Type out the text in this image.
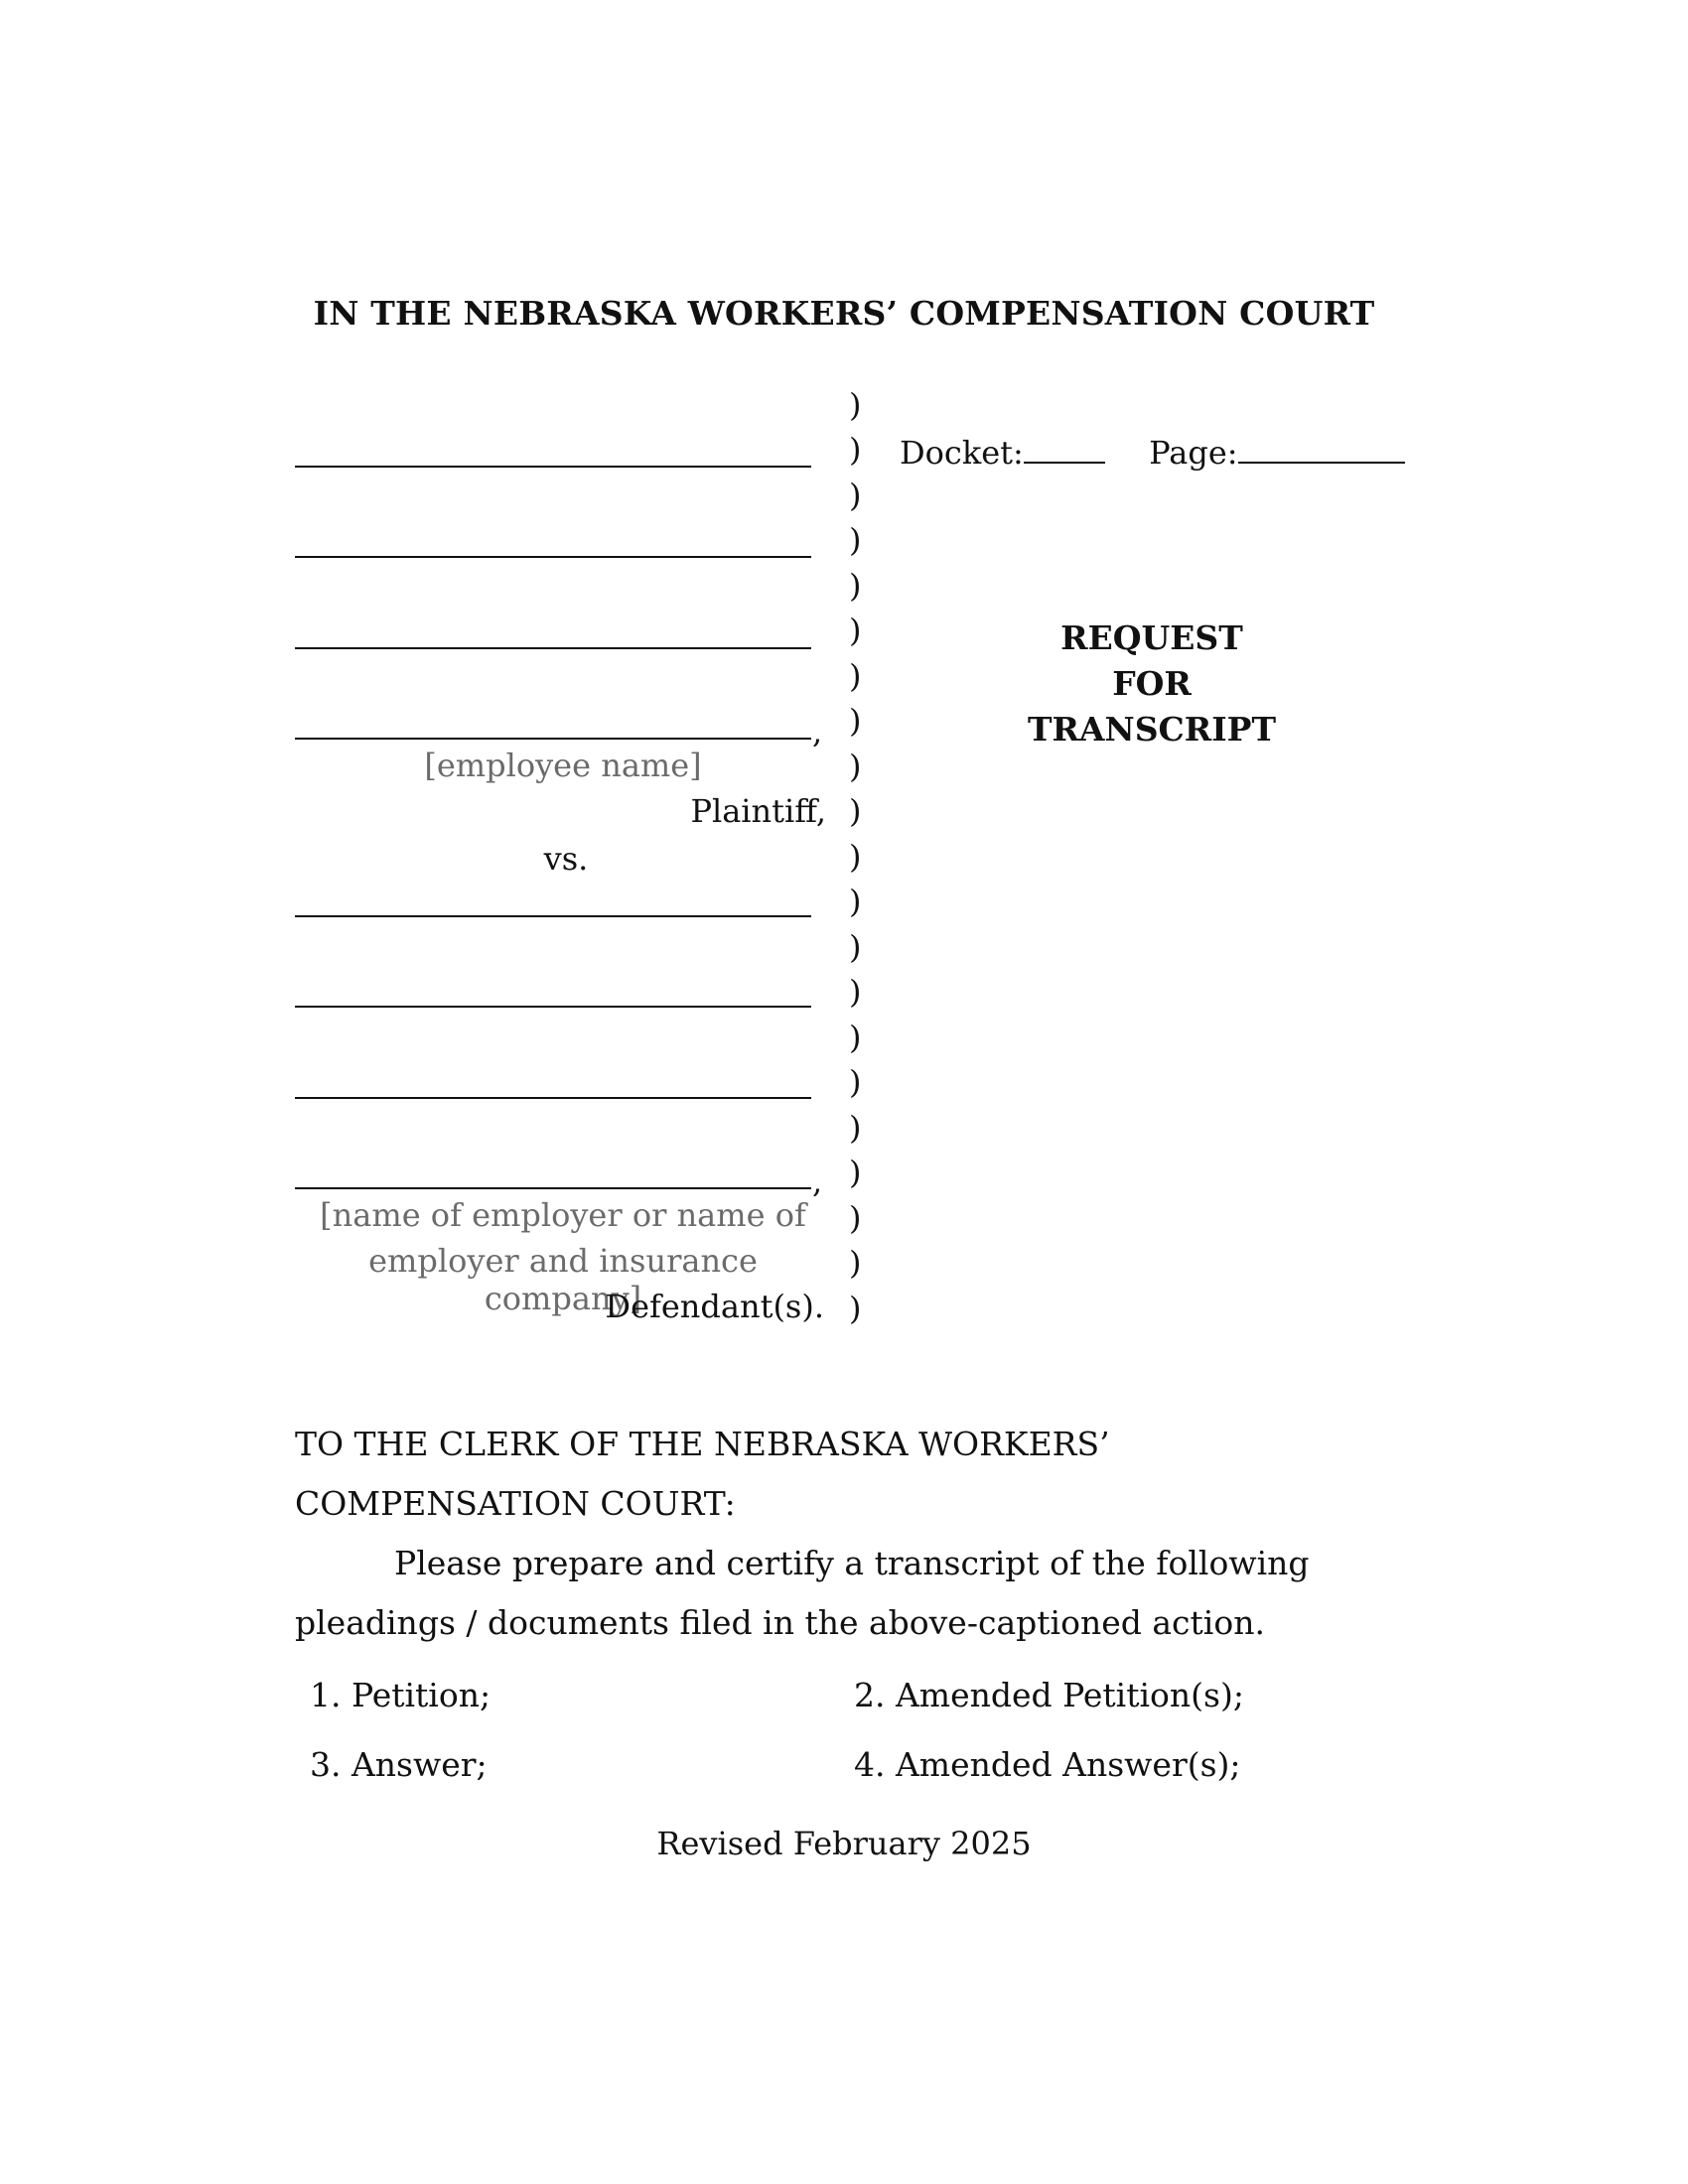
IN THE NEBRASKA WORKERS’ COMPENSATION COURT
,
[employee name]
Plaintiff,
vs.
,
[name of employer or name of
employer and insurance company]
Defendant(s).
)
)
)
)
)
)
)
)
)
)
)
)
)
)
)
)
)
)
)
)
)
Docket:	Page:
REQUEST
FOR
TRANSCRIPT
TO THE CLERK OF THE NEBRASKA WORKERS’ COMPENSATION COURT:
Please prepare and certify a transcript of the following pleadings / documents filed in the above-captioned action.
1. Petition;	2. Amended Petition(s);
3. Answer;	4. Amended Answer(s);
Revised February 2025
